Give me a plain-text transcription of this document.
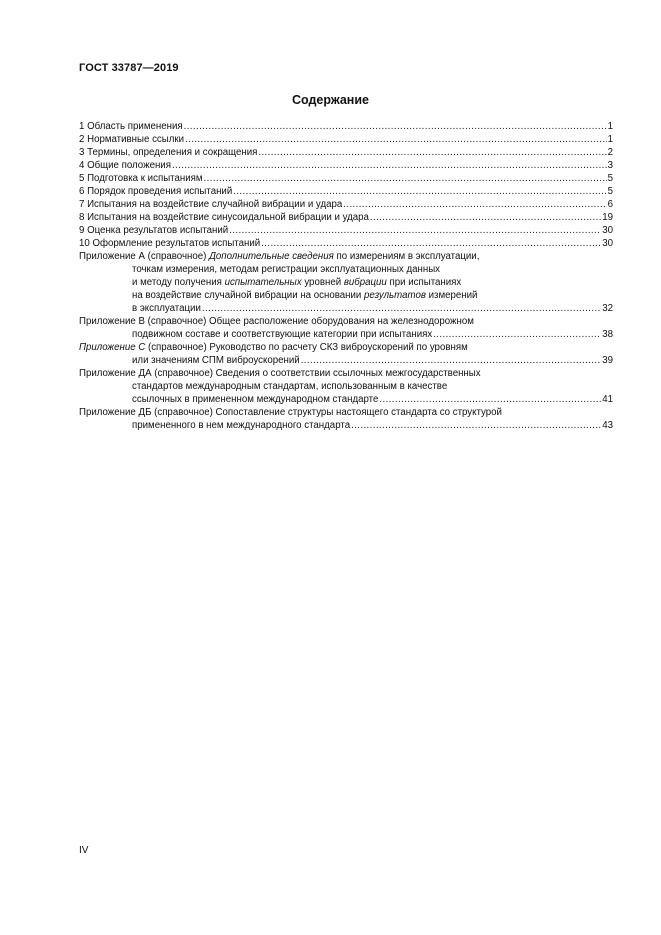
ГОСТ 33787—2019
Содержание
1 Область применения .....	1
2 Нормативные ссылки .....	1
3 Термины, определения и сокращения .....	2
4 Общие положения .....	3
5 Подготовка к испытаниям .....	5
6 Порядок проведения испытаний .....	5
7 Испытания на воздействие случайной вибрации и удара .....	6
8 Испытания на воздействие синусоидальной вибрации и удара .....	19
9 Оценка результатов испытаний .....	30
10 Оформление результатов испытаний .....	30
Приложение А (справочное) Дополнительные сведения по измерениям в эксплуатации,
точкам измерения, методам регистрации эксплуатационных данных
и методу получения испытательных уровней вибрации при испытаниях
на воздействие случайной вибрации на основании результатов измерений
в эксплуатации .....	32
Приложение В (справочное) Общее расположение оборудования на железнодорожном
подвижном составе и соответствующие категории при испытаниях .....	38
Приложение С (справочное) Руководство по расчету СКЗ виброускорений по уровням
или значениям СПМ виброускорений .....	39
Приложение ДА (справочное) Сведения о соответствии ссылочных межгосударственных
стандартов международным стандартам, использованным в качестве
ссылочных в примененном международном стандарте .....	41
Приложение ДБ (справочное) Сопоставление структуры настоящего стандарта со структурой
примененного в нем международного стандарта .....	43
IV
